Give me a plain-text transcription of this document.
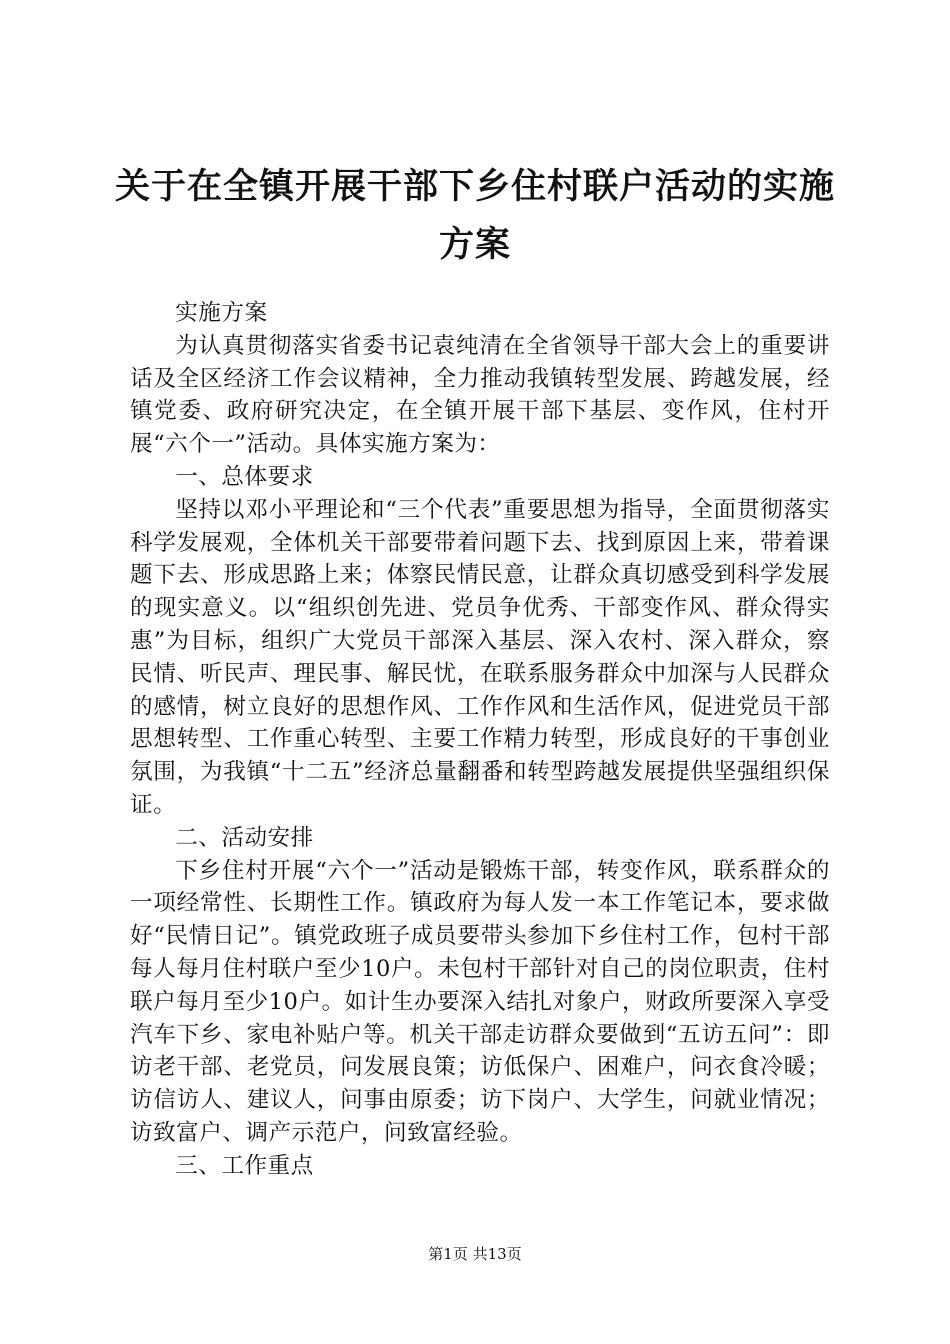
关于在全镇开展干部下乡住村联户活动的实施方案

实施方案

为认真贯彻落实省委书记袁纯清在全省领导干部大会上的重要讲话及全区经济工作会议精神，全力推动我镇转型发展、跨越发展，经镇党委、政府研究决定，在全镇开展干部下基层、变作风，住村开展“六个一”活动。具体实施方案为：

一、总体要求

坚持以邓小平理论和“三个代表”重要思想为指导，全面贯彻落实科学发展观，全体机关干部要带着问题下去、找到原因上来，带着课题下去、形成思路上来；体察民情民意，让群众真切感受到科学发展的现实意义。以“组织创先进、党员争优秀、干部变作风、群众得实惠”为目标，组织广大党员干部深入基层、深入农村、深入群众，察民情、听民声、理民事、解民忧，在联系服务群众中加深与人民群众的感情，树立良好的思想作风、工作作风和生活作风，促进党员干部思想转型、工作重心转型、主要工作精力转型，形成良好的干事创业氛围，为我镇“十二五”经济总量翻番和转型跨越发展提供坚强组织保证。

二、活动安排

下乡住村开展“六个一”活动是锻炼干部，转变作风，联系群众的一项经常性、长期性工作。镇政府为每人发一本工作笔记本，要求做好“民情日记”。镇党政班子成员要带头参加下乡住村工作，包村干部每人每月住村联户至少10户。未包村干部针对自己的岗位职责，住村联户每月至少10户。如计生办要深入结扎对象户，财政所要深入享受汽车下乡、家电补贴户等。机关干部走访群众要做到“五访五问”：即访老干部、老党员，问发展良策；访低保户、困难户，问衣食冷暖；访信访人、建议人，问事由原委；访下岗户、大学生，问就业情况；访致富户、调产示范户，问致富经验。

三、工作重点

第1页 共13页
